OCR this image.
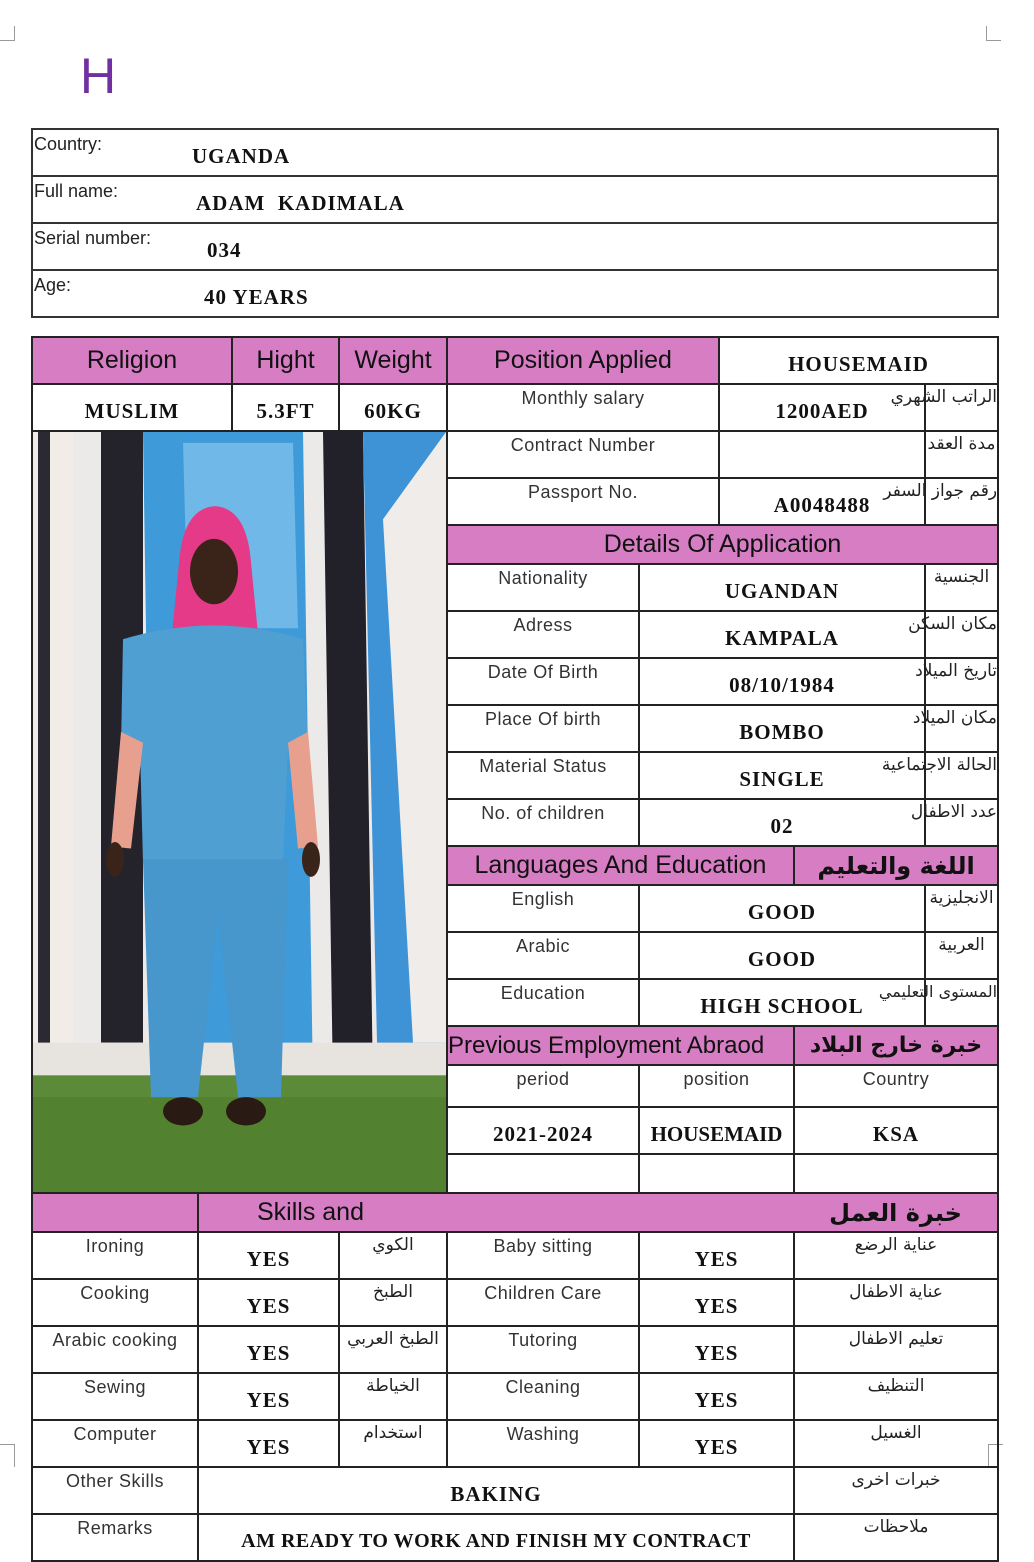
H
Country:	UGANDA
Full name:	ADAM  KADIMALA
Serial number:	034
Age:	40 YEARS
Religion		Hight	Weight	Position Applied			HOUSEMAID		
MUSLIM		5.3FT	60KG	Monthly salary			1200AED		الراتب الشهري

	Contract Number					مدة العقد
				Passport No.			A0048488		رقم جواز السفر
				Details Of Application					
				Nationality		UGANDAN			الجنسية
				Adress		KAMPALA			مكان السكن
				Date Of Birth		08/10/1984			تاريخ الميلاد
				Place Of birth		BOMBO			مكان الميلاد
				Material Status		SINGLE			الحالة الاجتماعية
				No. of children		02			عدد الاطفال
				Languages And Education				اللغة والتعليم	
				English		GOOD			الانجليزية
				Arabic		GOOD			العربية
				Education		HIGH SCHOOL			المستوى التعليمي
				Previous Employment Abraod				خبرة خارج البلاد	
				period		position		Country	
				2021-2024		HOUSEMAID		KSA	

	Skills and							خبرة العمل	
Ironing	YES		الكوي	Baby sitting		YES		عناية الرضع	
Cooking	YES		الطبخ	Children Care		YES		عناية الاطفال	
Arabic cooking	YES		الطبخ العربي	Tutoring		YES		تعليم الاطفال	
Sewing	YES		الخياطة	Cleaning		YES		التنظيف	
Computer	YES		استخدام	Washing		YES		الغسيل	
Other Skills	BAKING							خبرات اخرى	
Remarks	AM READY TO WORK AND FINISH MY CONTRACT							ملاحظات	
